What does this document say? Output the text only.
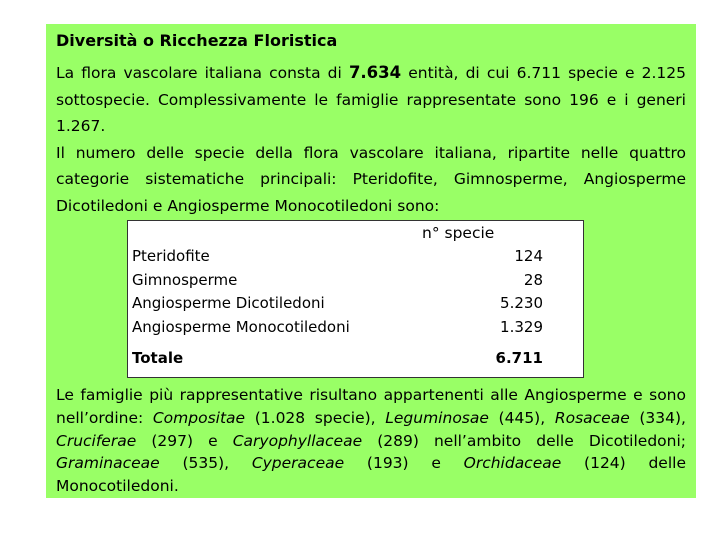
Diversità o Ricchezza Floristica

La flora vascolare italiana consta di 7.634 entità, di cui 6.711 specie e 2.125 sottospecie. Complessivamente le famiglie rappresentate sono 196 e i generi 1.267.

Il numero delle specie della flora vascolare italiana, ripartite nelle quattro categorie sistematiche principali: Pteridofite, Gimnosperme, Angiosperme Dicotiledoni e Angiosperme Monocotiledoni sono:

n° specie
Pteridofite
Gimnosperme
Angiosperme Dicotiledoni
Angiosperme Monocotiledoni
124
28
5.230
1.329
Totale	6.711
Le famiglie più rappresentative risultano appartenenti alle Angiosperme e sono nell’ordine: Compositae (1.028 specie), Leguminosae (445), Rosaceae (334), Cruciferae (297) e Caryophyllaceae (289) nell’ambito delle Dicotiledoni; Graminaceae (535), Cyperaceae (193) e Orchidaceae (124) delle Monocotiledoni.
